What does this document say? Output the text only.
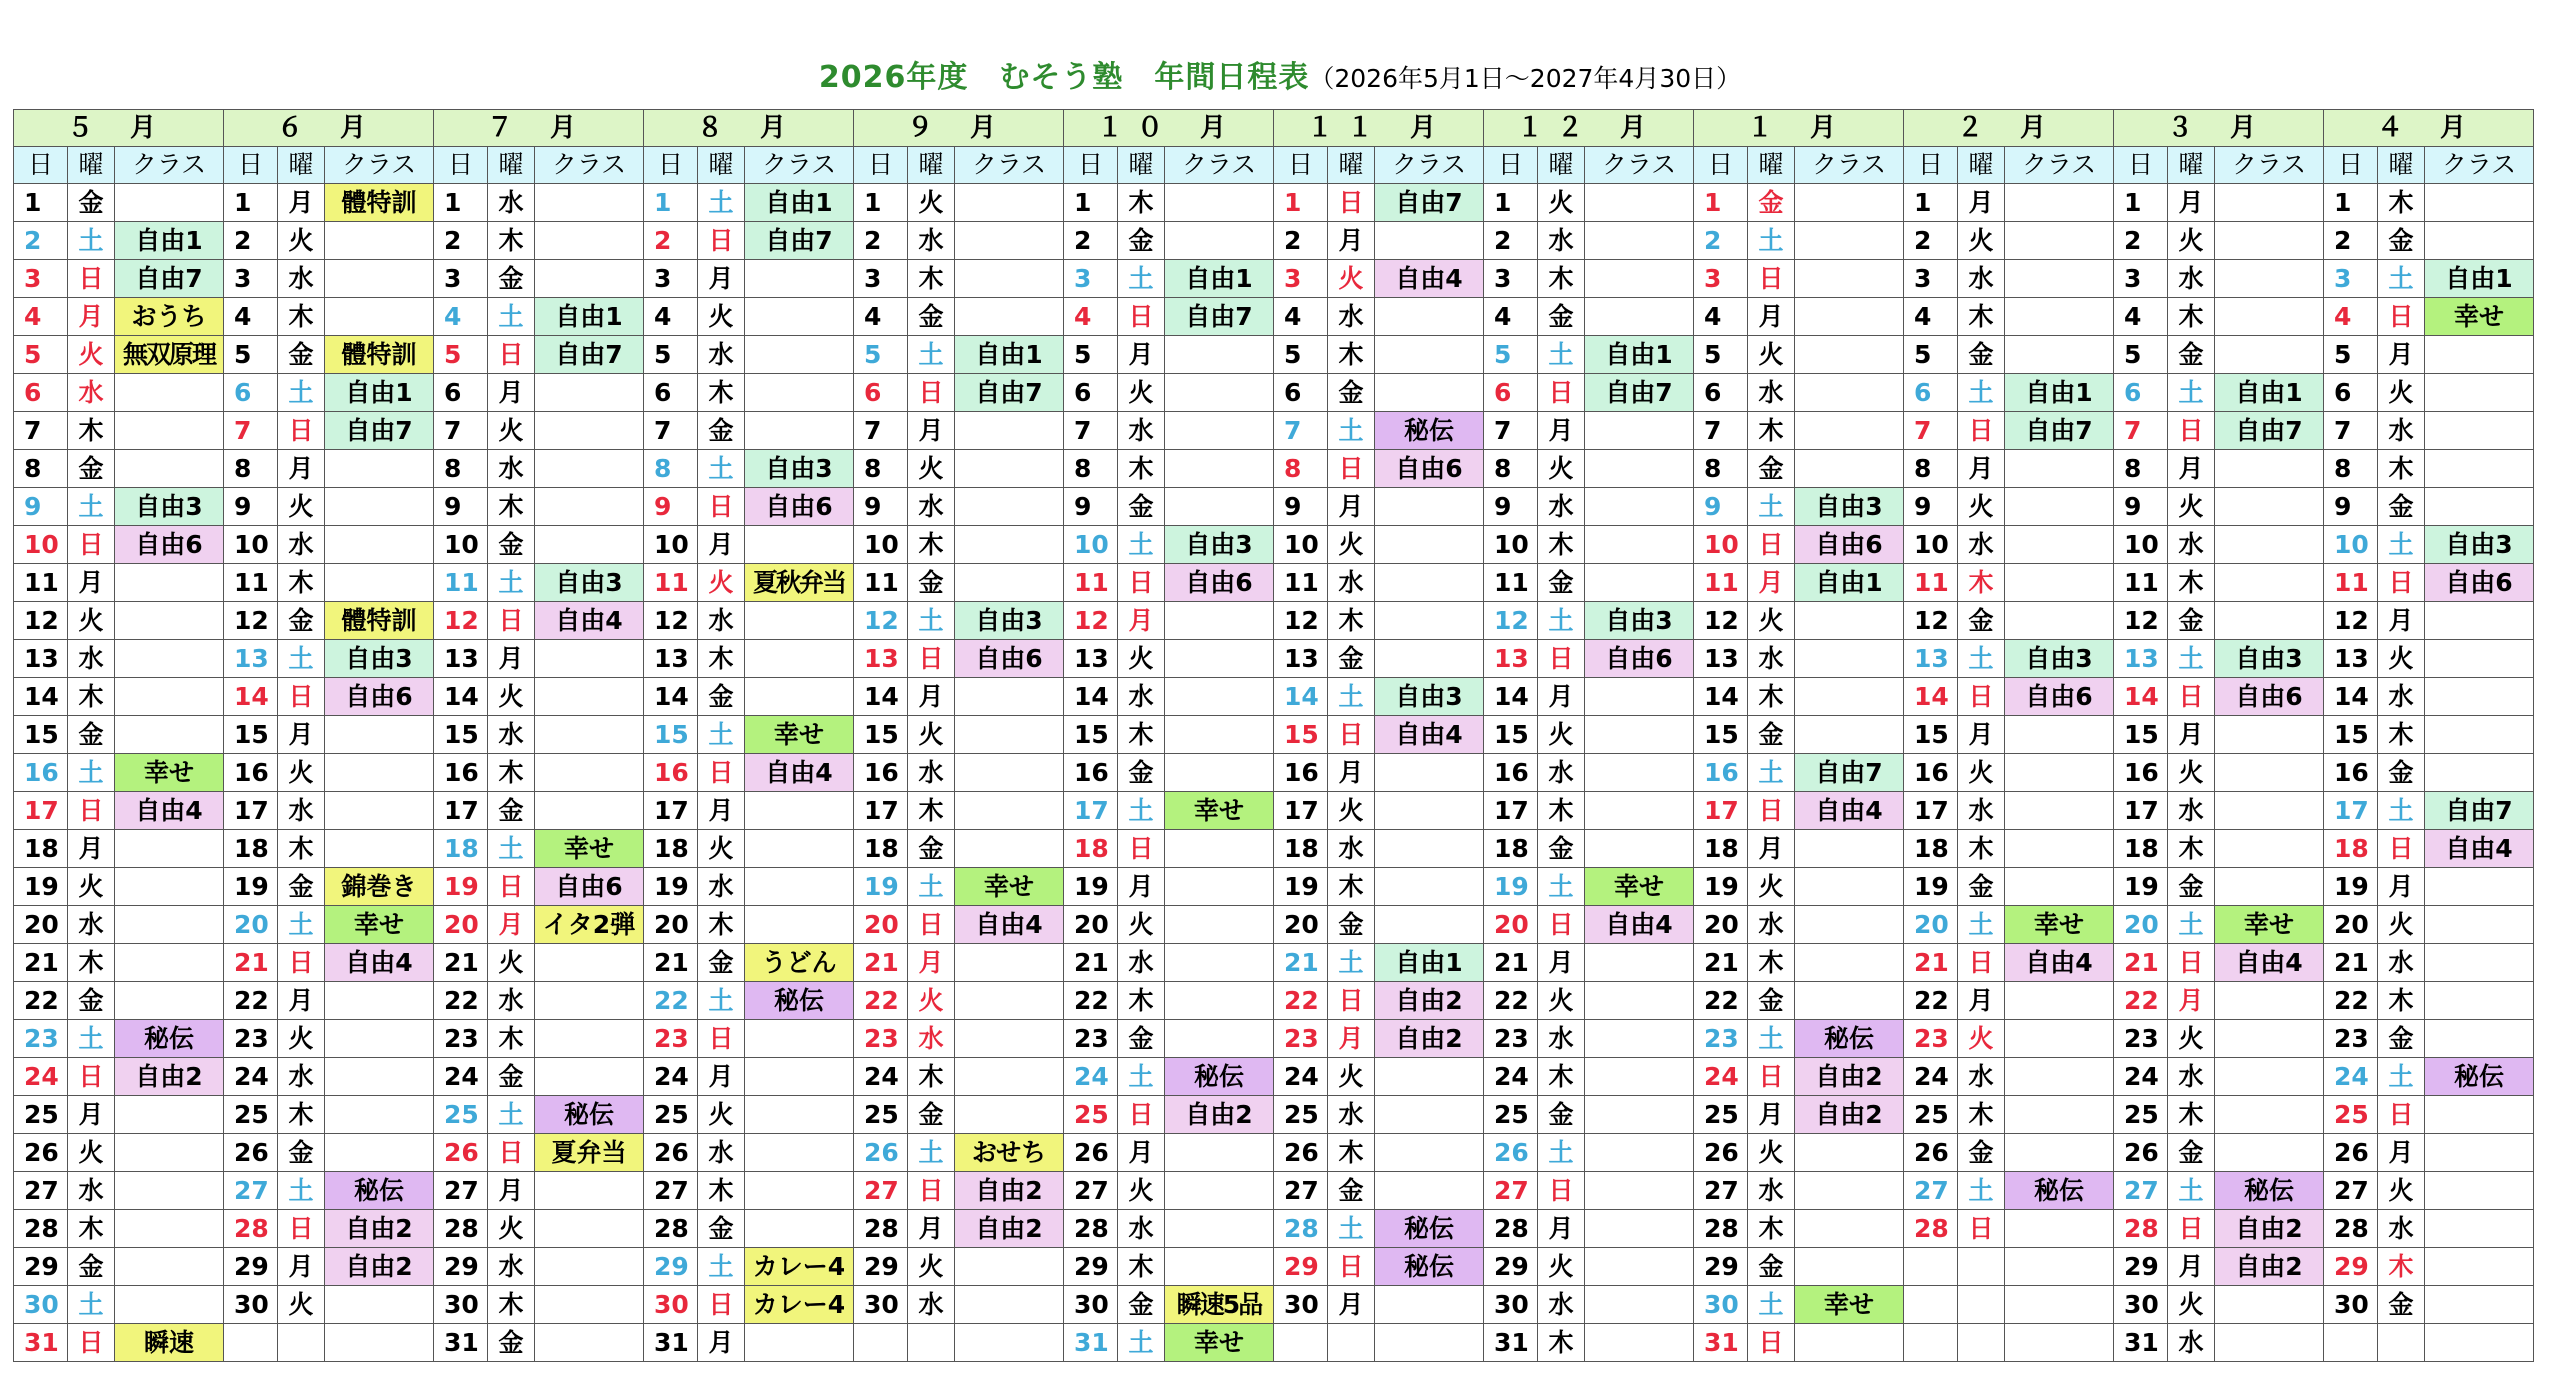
2026年度　むそう塾　年間日程表（2026年5月1日〜2027年4月30日）
５ 月			６ 月			７ 月			８ 月			９ 月			１０ 月			１１ 月			１２ 月			１ 月			２ 月			３ 月			４ 月		
日	曜	クラス	日	曜	クラス	日	曜	クラス	日	曜	クラス	日	曜	クラス	日	曜	クラス	日	曜	クラス	日	曜	クラス	日	曜	クラス	日	曜	クラス	日	曜	クラス	日	曜	クラス
1	金		1	月	體特訓	1	水		1	土	自由1	1	火		1	木		1	日	自由7	1	火		1	金		1	月		1	月		1	木	
2	土	自由1	2	火		2	木		2	日	自由7	2	水		2	金		2	月		2	水		2	土		2	火		2	火		2	金	
3	日	自由7	3	水		3	金		3	月		3	木		3	土	自由1	3	火	自由4	3	木		3	日		3	水		3	水		3	土	自由1
4	月	おうち	4	木		4	土	自由1	4	火		4	金		4	日	自由7	4	水		4	金		4	月		4	木		4	木		4	日	幸せ
5	火	無双原理	5	金	體特訓	5	日	自由7	5	水		5	土	自由1	5	月		5	木		5	土	自由1	5	火		5	金		5	金		5	月	
6	水		6	土	自由1	6	月		6	木		6	日	自由7	6	火		6	金		6	日	自由7	6	水		6	土	自由1	6	土	自由1	6	火	
7	木		7	日	自由7	7	火		7	金		7	月		7	水		7	土	秘伝	7	月		7	木		7	日	自由7	7	日	自由7	7	水	
8	金		8	月		8	水		8	土	自由3	8	火		8	木		8	日	自由6	8	火		8	金		8	月		8	月		8	木	
9	土	自由3	9	火		9	木		9	日	自由6	9	水		9	金		9	月		9	水		9	土	自由3	9	火		9	火		9	金	
10	日	自由6	10	水		10	金		10	月		10	木		10	土	自由3	10	火		10	木		10	日	自由6	10	水		10	水		10	土	自由3
11	月		11	木		11	土	自由3	11	火	夏秋弁当	11	金		11	日	自由6	11	水		11	金		11	月	自由1	11	木		11	木		11	日	自由6
12	火		12	金	體特訓	12	日	自由4	12	水		12	土	自由3	12	月		12	木		12	土	自由3	12	火		12	金		12	金		12	月	
13	水		13	土	自由3	13	月		13	木		13	日	自由6	13	火		13	金		13	日	自由6	13	水		13	土	自由3	13	土	自由3	13	火	
14	木		14	日	自由6	14	火		14	金		14	月		14	水		14	土	自由3	14	月		14	木		14	日	自由6	14	日	自由6	14	水	
15	金		15	月		15	水		15	土	幸せ	15	火		15	木		15	日	自由4	15	火		15	金		15	月		15	月		15	木	
16	土	幸せ	16	火		16	木		16	日	自由4	16	水		16	金		16	月		16	水		16	土	自由7	16	火		16	火		16	金	
17	日	自由4	17	水		17	金		17	月		17	木		17	土	幸せ	17	火		17	木		17	日	自由4	17	水		17	水		17	土	自由7
18	月		18	木		18	土	幸せ	18	火		18	金		18	日		18	水		18	金		18	月		18	木		18	木		18	日	自由4
19	火		19	金	錦巻き	19	日	自由6	19	水		19	土	幸せ	19	月		19	木		19	土	幸せ	19	火		19	金		19	金		19	月	
20	水		20	土	幸せ	20	月	イタ2弾	20	木		20	日	自由4	20	火		20	金		20	日	自由4	20	水		20	土	幸せ	20	土	幸せ	20	火	
21	木		21	日	自由4	21	火		21	金	うどん	21	月		21	水		21	土	自由1	21	月		21	木		21	日	自由4	21	日	自由4	21	水	
22	金		22	月		22	水		22	土	秘伝	22	火		22	木		22	日	自由2	22	火		22	金		22	月		22	月		22	木	
23	土	秘伝	23	火		23	木		23	日		23	水		23	金		23	月	自由2	23	水		23	土	秘伝	23	火		23	火		23	金	
24	日	自由2	24	水		24	金		24	月		24	木		24	土	秘伝	24	火		24	木		24	日	自由2	24	水		24	水		24	土	秘伝
25	月		25	木		25	土	秘伝	25	火		25	金		25	日	自由2	25	水		25	金		25	月	自由2	25	木		25	木		25	日	
26	火		26	金		26	日	夏弁当	26	水		26	土	おせち	26	月		26	木		26	土		26	火		26	金		26	金		26	月	
27	水		27	土	秘伝	27	月		27	木		27	日	自由2	27	火		27	金		27	日		27	水		27	土	秘伝	27	土	秘伝	27	火	
28	木		28	日	自由2	28	火		28	金		28	月	自由2	28	水		28	土	秘伝	28	月		28	木		28	日		28	日	自由2	28	水	
29	金		29	月	自由2	29	水		29	土	カレー4	29	火		29	木		29	日	秘伝	29	火		29	金					29	月	自由2	29	木	
30	土		30	火		30	木		30	日	カレー4	30	水		30	金	瞬速5品	30	月		30	水		30	土	幸せ				30	火		30	金	
31	日	瞬速				31	金		31	月					31	土	幸せ				31	木		31	日					31	水				
